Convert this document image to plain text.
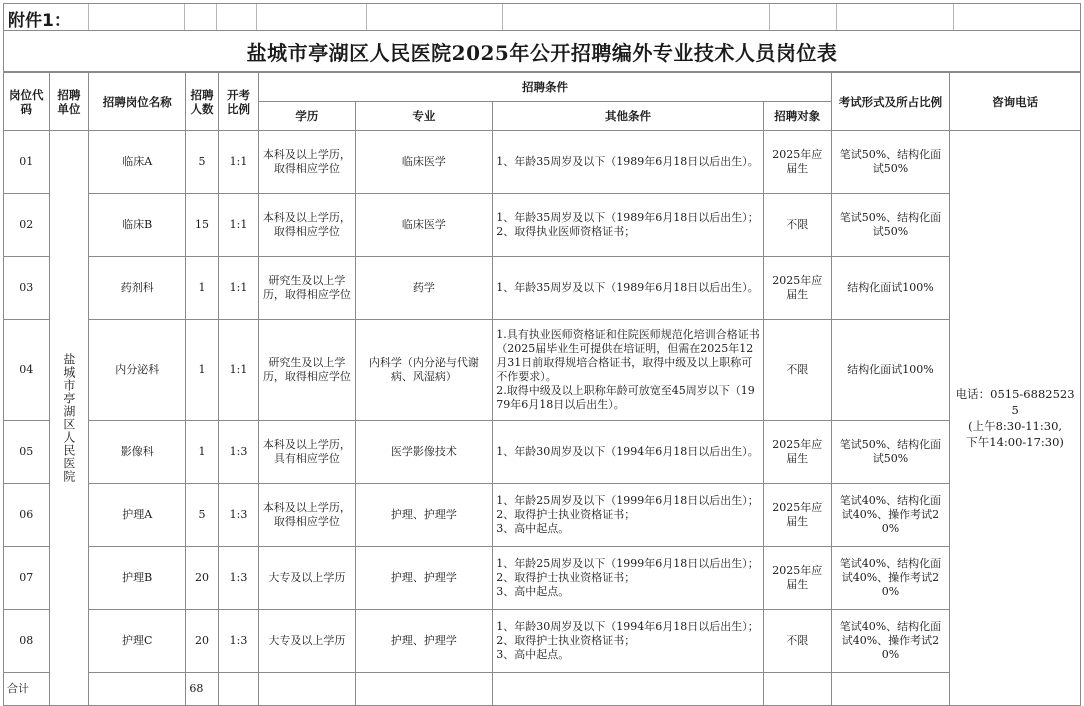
附件1：
盐城市亭湖区人民医院2025年公开招聘编外专业技术人员岗位表
岗位代码	招聘单位	招聘岗位名称	招聘人数	开考比例	招聘条件				考试形式及所占比例	咨询电话
					学历	专业	其他条件	招聘对象		
01	盐城市亭湖区人民医院	临床A	5	1:1	本科及以上学历，取得相应学位	临床医学	1、年龄35周岁及以下（1989年6月18日以后出生）。	2025年应届生	笔试50%、结构化面试50%	电话：0515-68825235
(上午8:30-11:30,
下午14:00-17:30)

02		临床B	15	1:1	本科及以上学历，取得相应学位	临床医学	1、年龄35周岁及以下（1989年6月18日以后出生）；
2、取得执业医师资格证书；	不限	笔试50%、结构化面试50%	
03		药剂科	1	1:1	研究生及以上学历，取得相应学位	药学	1、年龄35周岁及以下（1989年6月18日以后出生）。	2025年应届生	结构化面试100%	
04		内分泌科	1	1:1	研究生及以上学历，取得相应学位	内科学（内分泌与代谢病、风湿病）	1.具有执业医师资格证和住院医师规范化培训合格证书（2025届毕业生可提供在培证明，但需在2025年12月31日前取得规培合格证书，取得中级及以上职称可不作要求）。
2.取得中级及以上职称年龄可放宽至45周岁以下（1979年6月18日以后出生）。	不限	结构化面试100%	
05		影像科	1	1:3	本科及以上学历，具有相应学位	医学影像技术	1、年龄30周岁及以下（1994年6月18日以后出生）。	2025年应届生	笔试50%、结构化面试50%	
06		护理A	5	1:3	本科及以上学历，取得相应学位	护理、护理学	1、年龄25周岁及以下（1999年6月18日以后出生）；
2、取得护士执业资格证书；
3、高中起点。	2025年应届生	笔试40%、结构化面试40%、操作考试20%	
07		护理B	20	1:3	大专及以上学历	护理、护理学	1、年龄25周岁及以下（1999年6月18日以后出生）；
2、取得护士执业资格证书；
3、高中起点。	2025年应届生	笔试40%、结构化面试40%、操作考试20%	
08		护理C	20	1:3	大专及以上学历	护理、护理学	1、年龄30周岁及以下（1994年6月18日以后出生）；
2、取得护士执业资格证书；
3、高中起点。	不限	笔试40%、结构化面试40%、操作考试20%	
合计			68							
